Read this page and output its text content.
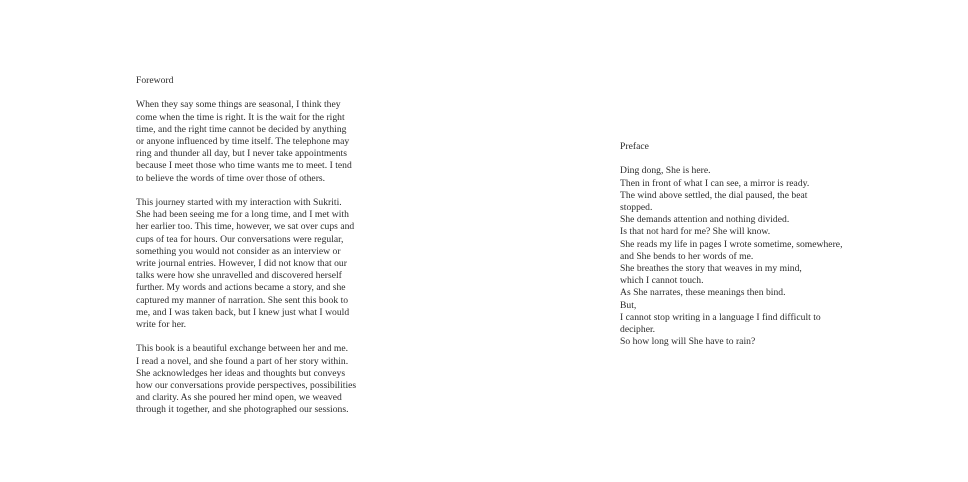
Foreword

When they say some things are seasonal, I think they
come when the time is right. It is the wait for the right
time, and the right time cannot be decided by anything
or anyone influenced by time itself. The telephone may
ring and thunder all day, but I never take appointments
because I meet those who time wants me to meet. I tend
to believe the words of time over those of others.

This journey started with my interaction with Sukriti.
She had been seeing me for a long time, and I met with
her earlier too. This time, however, we sat over cups and
cups of tea for hours. Our conversations were regular,
something you would not consider as an interview or
write journal entries. However, I did not know that our
talks were how she unravelled and discovered herself
further. My words and actions became a story, and she
captured my manner of narration. She sent this book to
me, and I was taken back, but I knew just what I would
write for her.

This book is a beautiful exchange between her and me.
I read a novel, and she found a part of her story within.
She acknowledges her ideas and thoughts but conveys
how our conversations provide perspectives, possibilities
and clarity. As she poured her mind open, we weaved
through it together, and she photographed our sessions.

Preface

Ding dong, She is here.
Then in front of what I can see, a mirror is ready.
The wind above settled, the dial paused, the beat
stopped.
She demands attention and nothing divided.
Is that not hard for me? She will know.
She reads my life in pages I wrote sometime, somewhere,
and She bends to her words of me.
She breathes the story that weaves in my mind,
which I cannot touch.
As She narrates, these meanings then bind.
But,
I cannot stop writing in a language I find difficult to
decipher.
So how long will She have to rain?
